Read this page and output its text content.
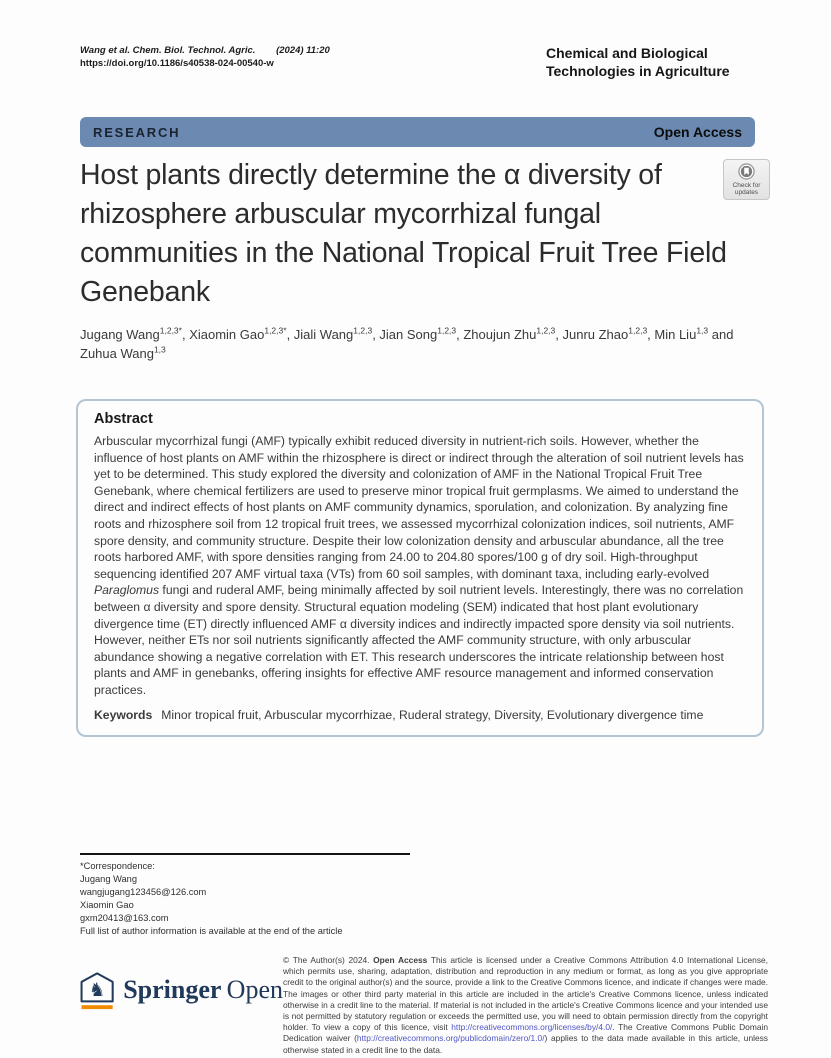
Wang et al. Chem. Biol. Technol. Agric. (2024) 11:20
https://doi.org/10.1186/s40538-024-00540-w
Chemical and Biological Technologies in Agriculture
RESEARCH	Open Access
Check for
updates
Host plants directly determine the α diversity of rhizosphere arbuscular mycorrhizal fungal communities in the National Tropical Fruit Tree Field Genebank
Jugang Wang$^{1,2,3*}$, Xiaomin Gao$^{1,2,3*}$, Jiali Wang$^{1,2,3}$, Jian Song$^{1,2,3}$, Zhoujun Zhu$^{1,2,3}$, Junru Zhao$^{1,2,3}$, Min Liu$^{1,3}$ and Zuhua Wang$^{1,3}$
Abstract
Arbuscular mycorrhizal fungi (AMF) typically exhibit reduced diversity in nutrient-rich soils. However, whether the influence of host plants on AMF within the rhizosphere is direct or indirect through the alteration of soil nutrient levels has yet to be determined. This study explored the diversity and colonization of AMF in the National Tropical Fruit Tree Genebank, where chemical fertilizers are used to preserve minor tropical fruit germplasms. We aimed to understand the direct and indirect effects of host plants on AMF community dynamics, sporulation, and colonization. By analyzing fine roots and rhizosphere soil from 12 tropical fruit trees, we assessed mycorrhizal colonization indices, soil nutrients, AMF spore density, and community structure. Despite their low colonization density and arbuscular abundance, all the tree roots harbored AMF, with spore densities ranging from 24.00 to 204.80 spores/100 g of dry soil. High-throughput sequencing identified 207 AMF virtual taxa (VTs) from 60 soil samples, with dominant taxa, including early-evolved Paraglomus fungi and ruderal AMF, being minimally affected by soil nutrient levels. Interestingly, there was no correlation between α diversity and spore density. Structural equation modeling (SEM) indicated that host plant evolutionary divergence time (ET) directly influenced AMF α diversity indices and indirectly impacted spore density via soil nutrients. However, neither ETs nor soil nutrients significantly affected the AMF community structure, with only arbuscular abundance showing a negative correlation with ET. This research underscores the intricate relationship between host plants and AMF in genebanks, offering insights for effective AMF resource management and informed conservation practices.
Keywords Minor tropical fruit, Arbuscular mycorrhizae, Ruderal strategy, Diversity, Evolutionary divergence time
*Correspondence:
Jugang Wang
wangjugang123456@126.com
Xiaomin Gao
gxm20413@163.com
Full list of author information is available at the end of the article
♞ Springer  Open
© The Author(s) 2024. Open Access This article is licensed under a Creative Commons Attribution 4.0 International License, which permits use, sharing, adaptation, distribution and reproduction in any medium or format, as long as you give appropriate credit to the original author(s) and the source, provide a link to the Creative Commons licence, and indicate if changes were made. The images or other third party material in this article are included in the article's Creative Commons licence, unless indicated otherwise in a credit line to the material. If material is not included in the article's Creative Commons licence and your intended use is not permitted by statutory regulation or exceeds the permitted use, you will need to obtain permission directly from the copyright holder. To view a copy of this licence, visit http://creativecommons.org/licenses/by/4.0/. The Creative Commons Public Domain Dedication waiver (http://creativecommons.org/publicdomain/zero/1.0/) applies to the data made available in this article, unless otherwise stated in a credit line to the data.
